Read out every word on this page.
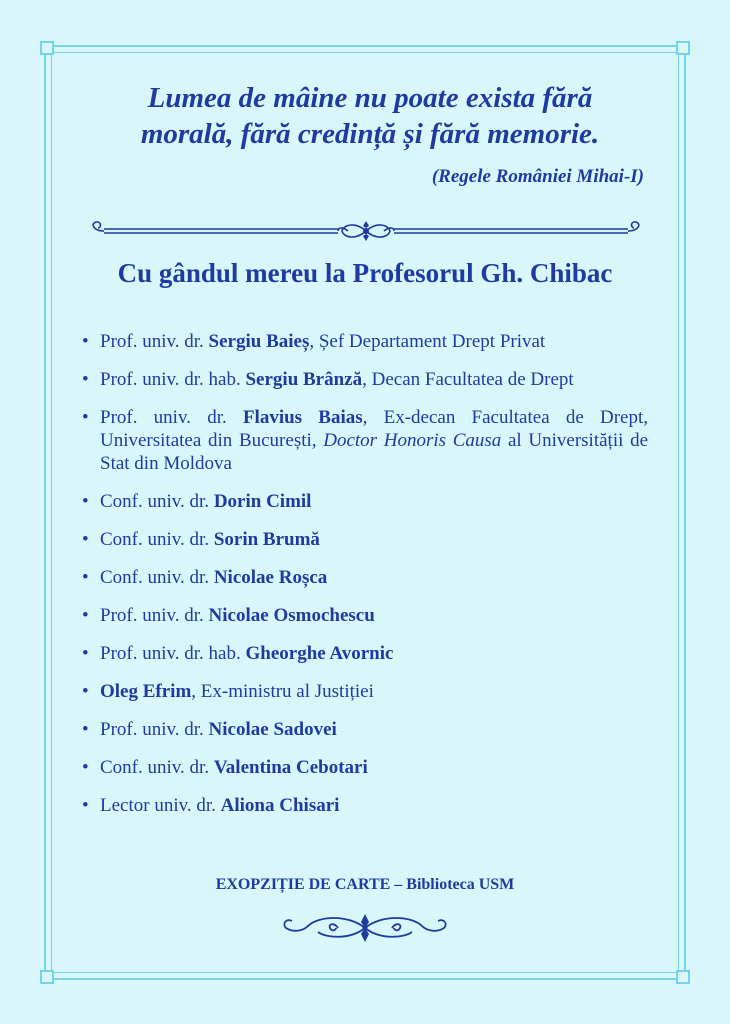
Lumea de mâine nu poate exista fără
morală, fără credință și fără memorie.
(Regele României Mihai-I)
Cu gândul mereu la Profesorul Gh. Chibac
• Prof. univ. dr. Sergiu Baieș, Șef Departament Drept Privat
• Prof. univ. dr. hab. Sergiu Brânză, Decan Facultatea de Drept
• Prof. univ. dr. Flavius Baias, Ex-decan Facultatea de Drept, Universitatea din București, Doctor Honoris Causa al Universității de Stat din Moldova
• Conf. univ. dr. Dorin Cimil
• Conf. univ. dr. Sorin Brumă
• Conf. univ. dr. Nicolae Roșca
• Prof. univ. dr. Nicolae Osmochescu
• Prof. univ. dr. hab. Gheorghe Avornic
• Oleg Efrim, Ex-ministru al Justiției
• Prof. univ. dr. Nicolae Sadovei
• Conf. univ. dr. Valentina Cebotari
• Lector univ. dr. Aliona Chisari
EXOPZIȚIE DE CARTE – Biblioteca USM
